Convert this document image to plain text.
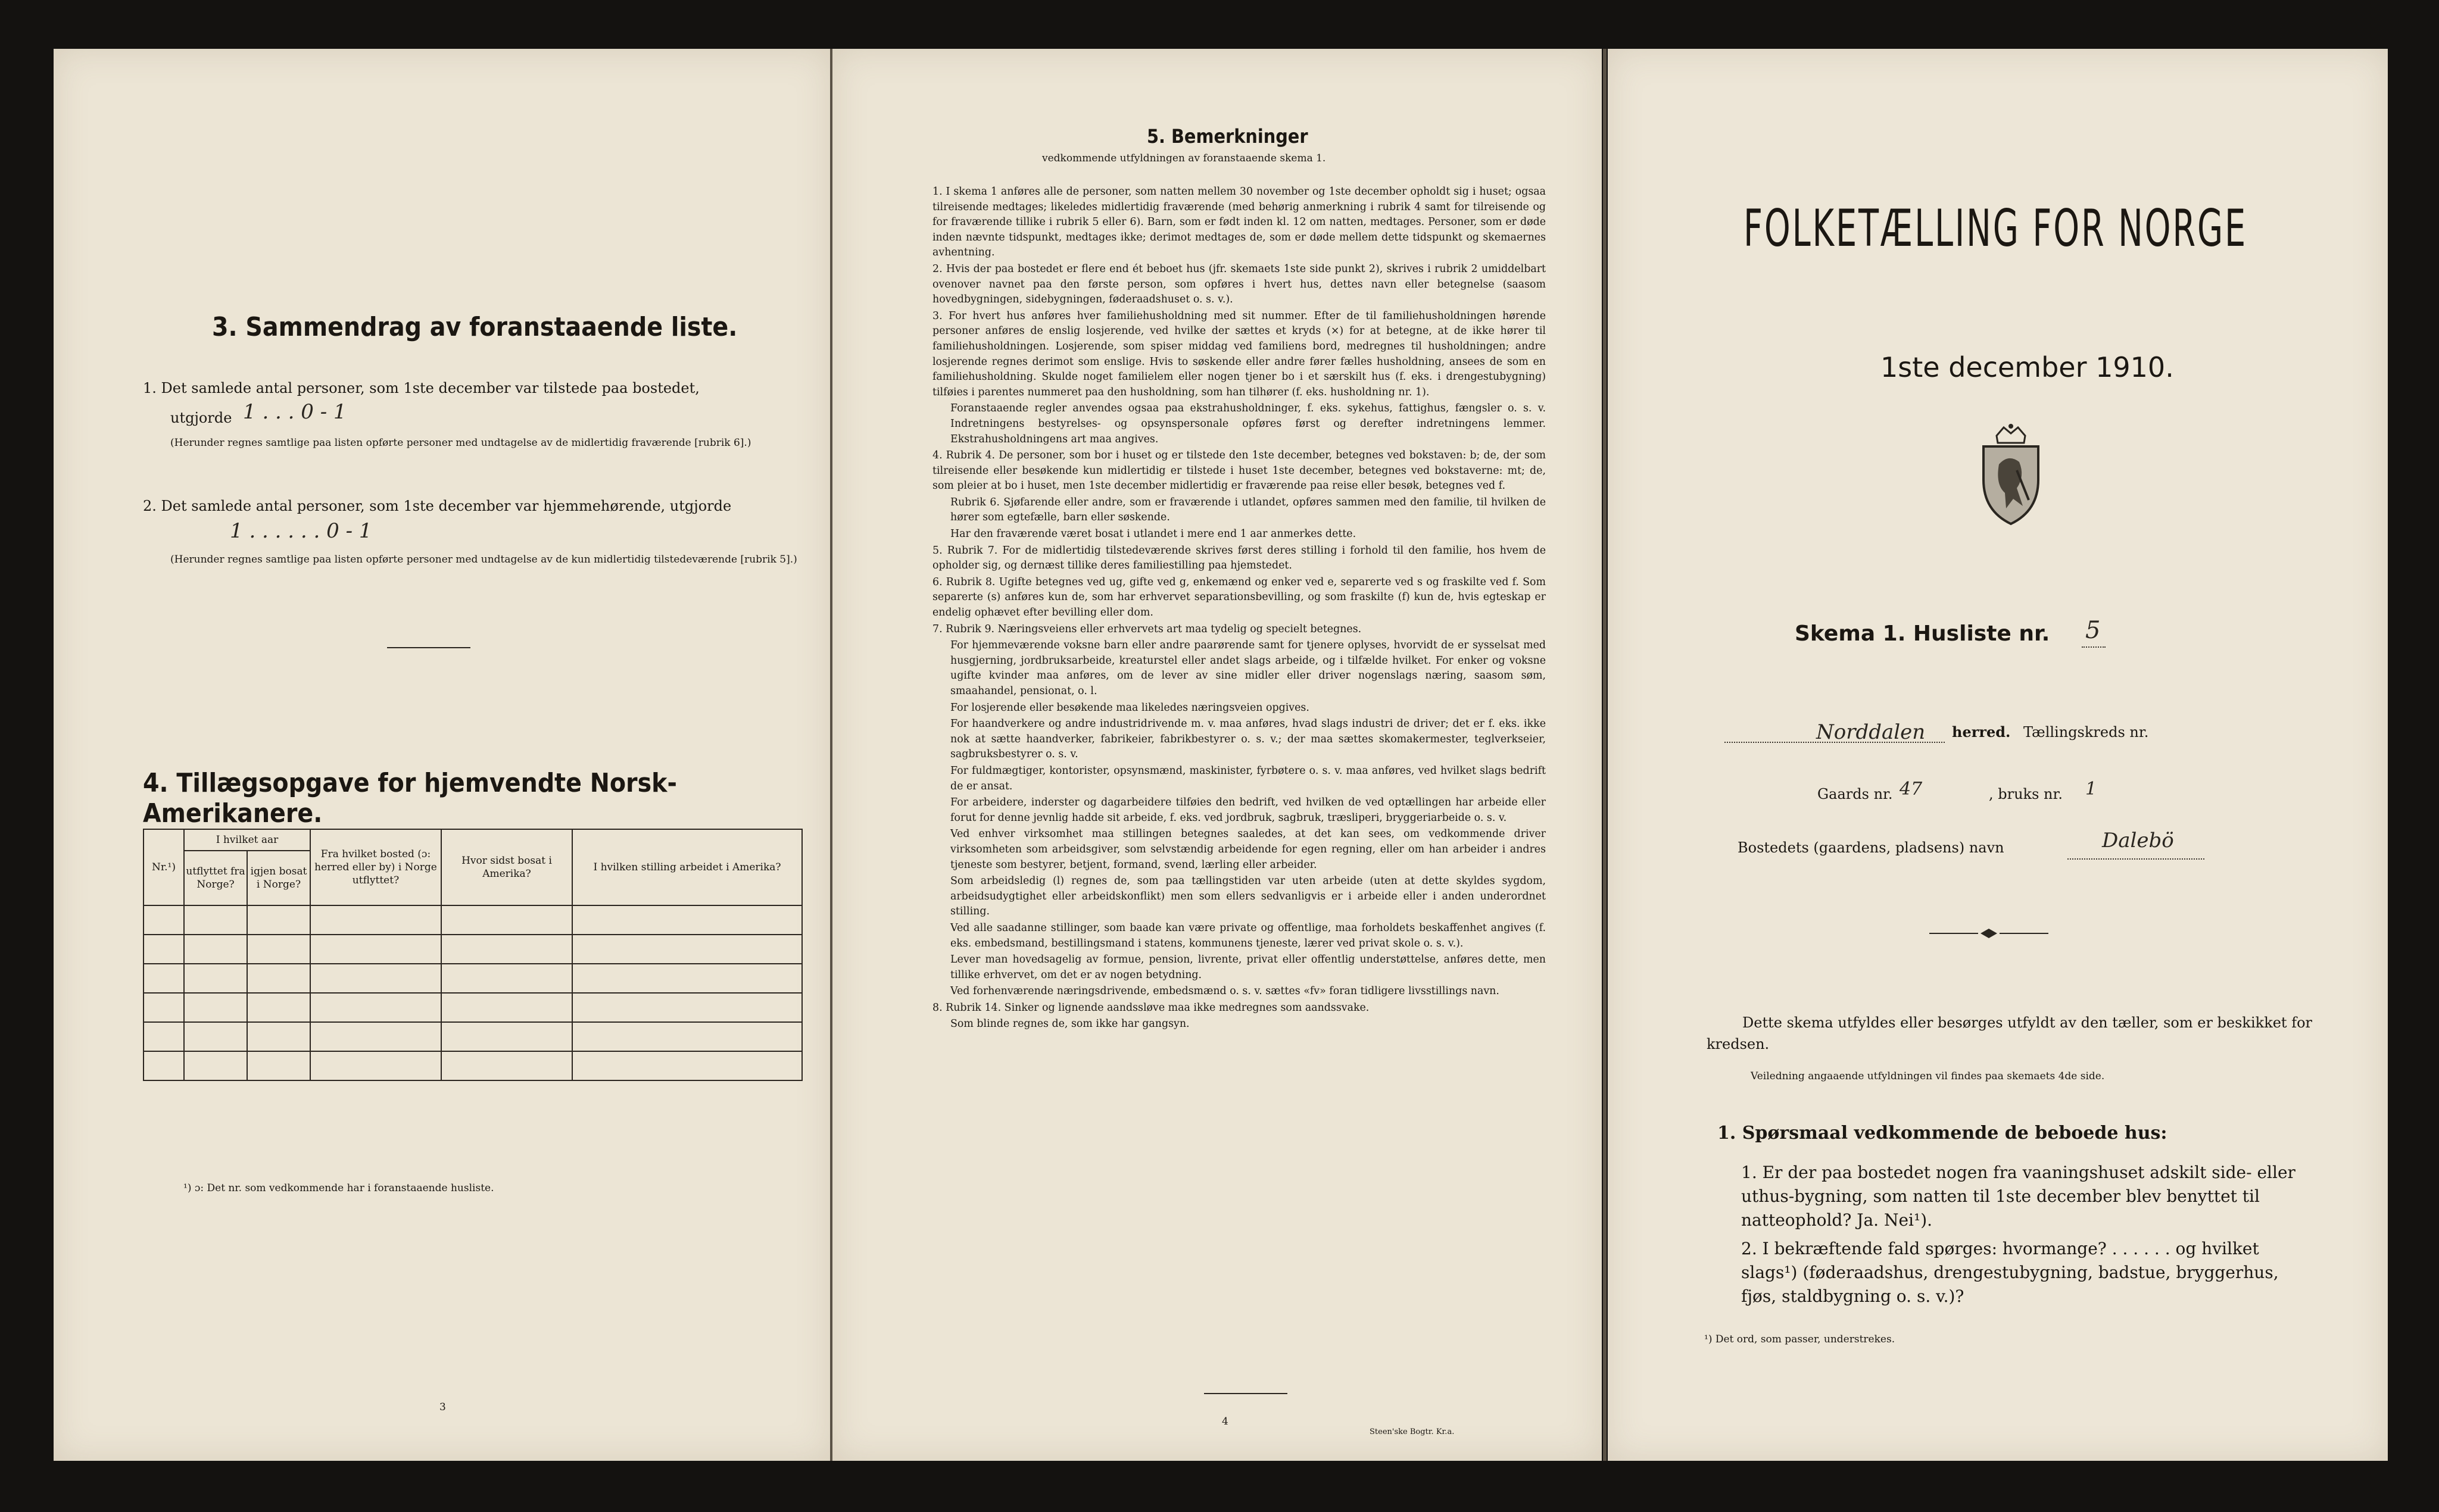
3. Sammendrag av foranstaaende liste.

1. Det samlede antal personer, som 1ste december var tilstede paa bostedet,

utgjorde 1 . . . 0 - 1

(Herunder regnes samtlige paa listen opførte personer med undtagelse av de midlertidig fraværende [rubrik 6].)

2. Det samlede antal personer, som 1ste december var hjemmehørende, utgjorde

1 . . . . . . 0 - 1

(Herunder regnes samtlige paa listen opførte personer med undtagelse av de kun midlertidig tilstedeværende [rubrik 5].)

4. Tillægsopgave for hjemvendte Norsk-Amerikanere.
Nr.¹)	I hvilket aar		Fra hvilket bosted (ɔ: herred eller by) i Norge utflyttet?	Hvor sidst bosat i Amerika?	I hvilken stilling arbeidet i Amerika?
	utflyttet fra Norge?	igjen bosat i Norge?			

¹) ɔ: Det nr. som vedkommende har i foranstaaende husliste.

3
5. Bemerkninger

vedkommende utfyldningen av foranstaaende skema 1.

1. I skema 1 anføres alle de personer, som natten mellem 30 november og 1ste december opholdt sig i huset; ogsaa tilreisende medtages; likeledes midlertidig fraværende (med behørig anmerkning i rubrik 4 samt for tilreisende og for fraværende tillike i rubrik 5 eller 6). Barn, som er født inden kl. 12 om natten, medtages. Personer, som er døde inden nævnte tidspunkt, medtages ikke; derimot medtages de, som er døde mellem dette tidspunkt og skemaernes avhentning.

2. Hvis der paa bostedet er flere end ét beboet hus (jfr. skemaets 1ste side punkt 2), skrives i rubrik 2 umiddelbart ovenover navnet paa den første person, som opføres i hvert hus, dettes navn eller betegnelse (saasom hovedbygningen, sidebygningen, føderaadshuset o. s. v.).

3. For hvert hus anføres hver familiehusholdning med sit nummer. Efter de til familiehusholdningen hørende personer anføres de enslig losjerende, ved hvilke der sættes et kryds (×) for at betegne, at de ikke hører til familiehusholdningen. Losjerende, som spiser middag ved familiens bord, medregnes til husholdningen; andre losjerende regnes derimot som enslige. Hvis to søskende eller andre fører fælles husholdning, ansees de som en familiehusholdning. Skulde noget familielem eller nogen tjener bo i et særskilt hus (f. eks. i drengestubygning) tilføies i parentes nummeret paa den husholdning, som han tilhører (f. eks. husholdning nr. 1).

Foranstaaende regler anvendes ogsaa paa ekstrahusholdninger, f. eks. sykehus, fattighus, fængsler o. s. v. Indretningens bestyrelses- og opsynspersonale opføres først og derefter indretningens lemmer. Ekstrahusholdningens art maa angives.

4. Rubrik 4. De personer, som bor i huset og er tilstede den 1ste december, betegnes ved bokstaven: b; de, der som tilreisende eller besøkende kun midlertidig er tilstede i huset 1ste december, betegnes ved bokstaverne: mt; de, som pleier at bo i huset, men 1ste december midlertidig er fraværende paa reise eller besøk, betegnes ved f.

Rubrik 6. Sjøfarende eller andre, som er fraværende i utlandet, opføres sammen med den familie, til hvilken de hører som egtefælle, barn eller søskende.

Har den fraværende været bosat i utlandet i mere end 1 aar anmerkes dette.

5. Rubrik 7. For de midlertidig tilstedeværende skrives først deres stilling i forhold til den familie, hos hvem de opholder sig, og dernæst tillike deres familiestilling paa hjemstedet.

6. Rubrik 8. Ugifte betegnes ved ug, gifte ved g, enkemænd og enker ved e, separerte ved s og fraskilte ved f. Som separerte (s) anføres kun de, som har erhvervet separationsbevilling, og som fraskilte (f) kun de, hvis egteskap er endelig ophævet efter bevilling eller dom.

7. Rubrik 9. Næringsveiens eller erhvervets art maa tydelig og specielt betegnes.

For hjemmeværende voksne barn eller andre paarørende samt for tjenere oplyses, hvorvidt de er sysselsat med husgjerning, jordbruksarbeide, kreaturstel eller andet slags arbeide, og i tilfælde hvilket. For enker og voksne ugifte kvinder maa anføres, om de lever av sine midler eller driver nogenslags næring, saasom søm, smaahandel, pensionat, o. l.

For losjerende eller besøkende maa likeledes næringsveien opgives.

For haandverkere og andre industridrivende m. v. maa anføres, hvad slags industri de driver; det er f. eks. ikke nok at sætte haandverker, fabrikeier, fabrikbestyrer o. s. v.; der maa sættes skomakermester, teglverkseier, sagbruksbestyrer o. s. v.

For fuldmægtiger, kontorister, opsynsmænd, maskinister, fyrbøtere o. s. v. maa anføres, ved hvilket slags bedrift de er ansat.

For arbeidere, inderster og dagarbeidere tilføies den bedrift, ved hvilken de ved optællingen har arbeide eller forut for denne jevnlig hadde sit arbeide, f. eks. ved jordbruk, sagbruk, træsliperi, bryggeriarbeide o. s. v.

Ved enhver virksomhet maa stillingen betegnes saaledes, at det kan sees, om vedkommende driver virksomheten som arbeidsgiver, som selvstændig arbeidende for egen regning, eller om han arbeider i andres tjeneste som bestyrer, betjent, formand, svend, lærling eller arbeider.

Som arbeidsledig (l) regnes de, som paa tællingstiden var uten arbeide (uten at dette skyldes sygdom, arbeidsudygtighet eller arbeidskonflikt) men som ellers sedvanligvis er i arbeide eller i anden underordnet stilling.

Ved alle saadanne stillinger, som baade kan være private og offentlige, maa forholdets beskaffenhet angives (f. eks. embedsmand, bestillingsmand i statens, kommunens tjeneste, lærer ved privat skole o. s. v.).

Lever man hovedsagelig av formue, pension, livrente, privat eller offentlig understøttelse, anføres dette, men tillike erhvervet, om det er av nogen betydning.

Ved forhenværende næringsdrivende, embedsmænd o. s. v. sættes «fv» foran tidligere livsstillings navn.

8. Rubrik 14. Sinker og lignende aandssløve maa ikke medregnes som aandssvake.

Som blinde regnes de, som ikke har gangsyn.

4
Steen'ske Bogtr. Kr.a.
FOLKETÆLLING FOR NORGE

1ste december 1910.

Skema 1. Husliste nr. 5
Norddalen herred. Tællingskreds nr.
Gaards nr. 47	, bruks nr. 1
Bostedets (gaardens, pladsens) navn	Dalebö

Dette skema utfyldes eller besørges utfyldt av den tæller, som er beskikket for kredsen.

Veiledning angaaende utfyldningen vil findes paa skemaets 4de side.

1. Spørsmaal vedkommende de beboede hus:

1. Er der paa bostedet nogen fra vaaningshuset adskilt side- eller uthus-bygning, som natten til 1ste december blev benyttet til natteophold? Ja. Nei¹).

2. I bekræftende fald spørges: hvormange? . . . . . . og hvilket slags¹) (føderaadshus, drengestubygning, badstue, bryggerhus, fjøs, staldbygning o. s. v.)?

¹) Det ord, som passer, understrekes.
